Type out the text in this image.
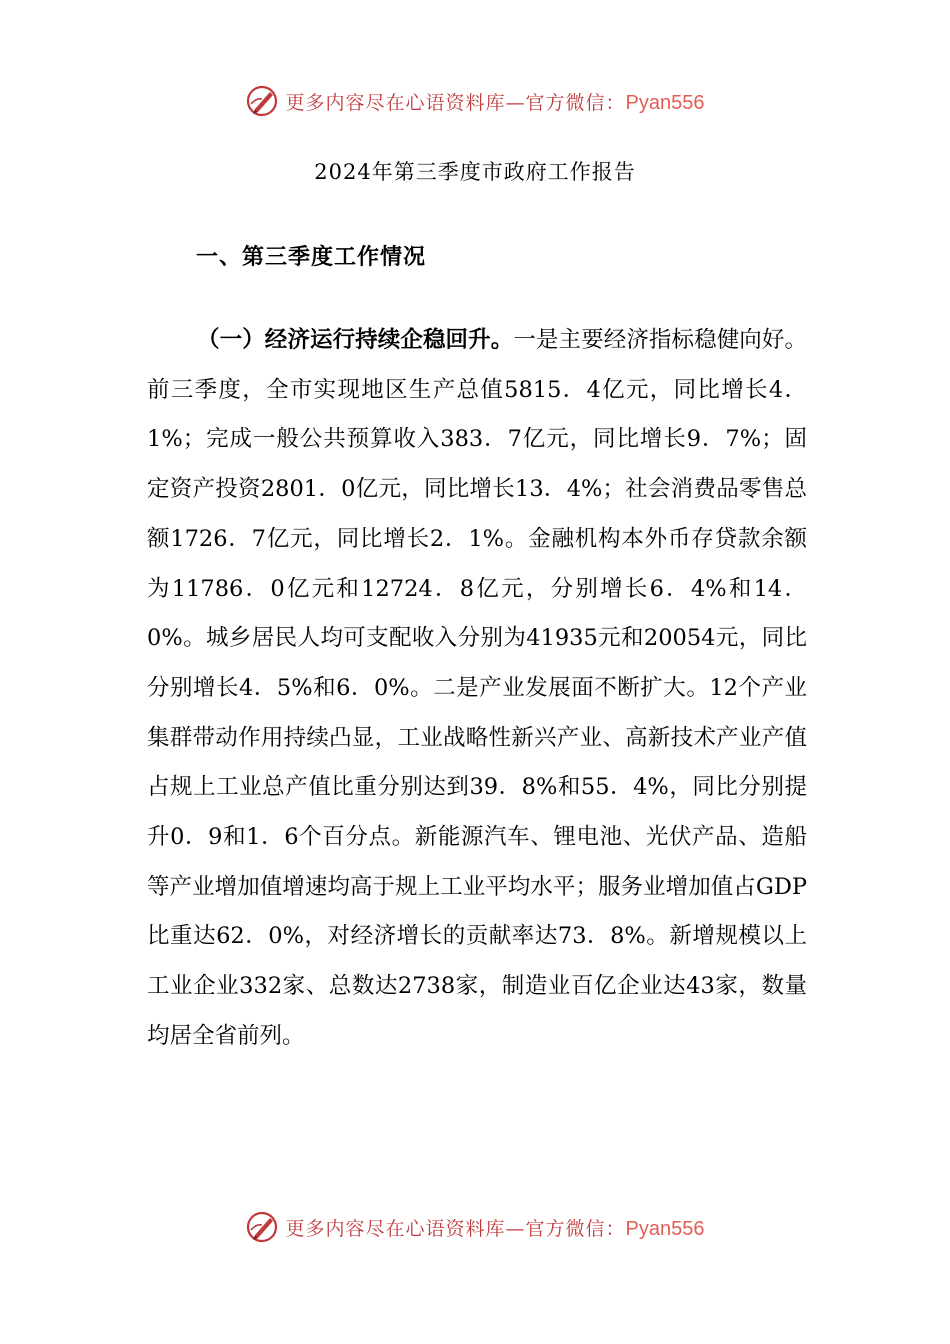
更多内容尽在心语资料库—官方微信：Pyan556
2024年第三季度市政府工作报告
一、第三季度工作情况

（一）经济运行持续企稳回升。一是主要经济指标稳健向好。前三季度，全市实现地区生产总值5815．4亿元，同比增长4．1%；完成一般公共预算收入383．7亿元，同比增长9．7%；固定资产投资2801．0亿元，同比增长13．4%；社会消费品零售总额1726．7亿元，同比增长2．1%。金融机构本外币存贷款余额为11786．0亿元和12724．8亿元，分别增长6．4%和14．0%。城乡居民人均可支配收入分别为41935元和20054元，同比分别增长4．5%和6．0%。二是产业发展面不断扩大。12个产业集群带动作用持续凸显，工业战略性新兴产业、高新技术产业产值占规上工业总产值比重分别达到39．8%和55．4%，同比分别提升0．9和1．6个百分点。新能源汽车、锂电池、光伏产品、造船等产业增加值增速均高于规上工业平均水平；服务业增加值占GDP比重达62．0%，对经济增长的贡献率达73．8%。新增规模以上工业企业332家、总数达2738家，制造业百亿企业达43家，数量均居全省前列。

更多内容尽在心语资料库—官方微信：Pyan556
